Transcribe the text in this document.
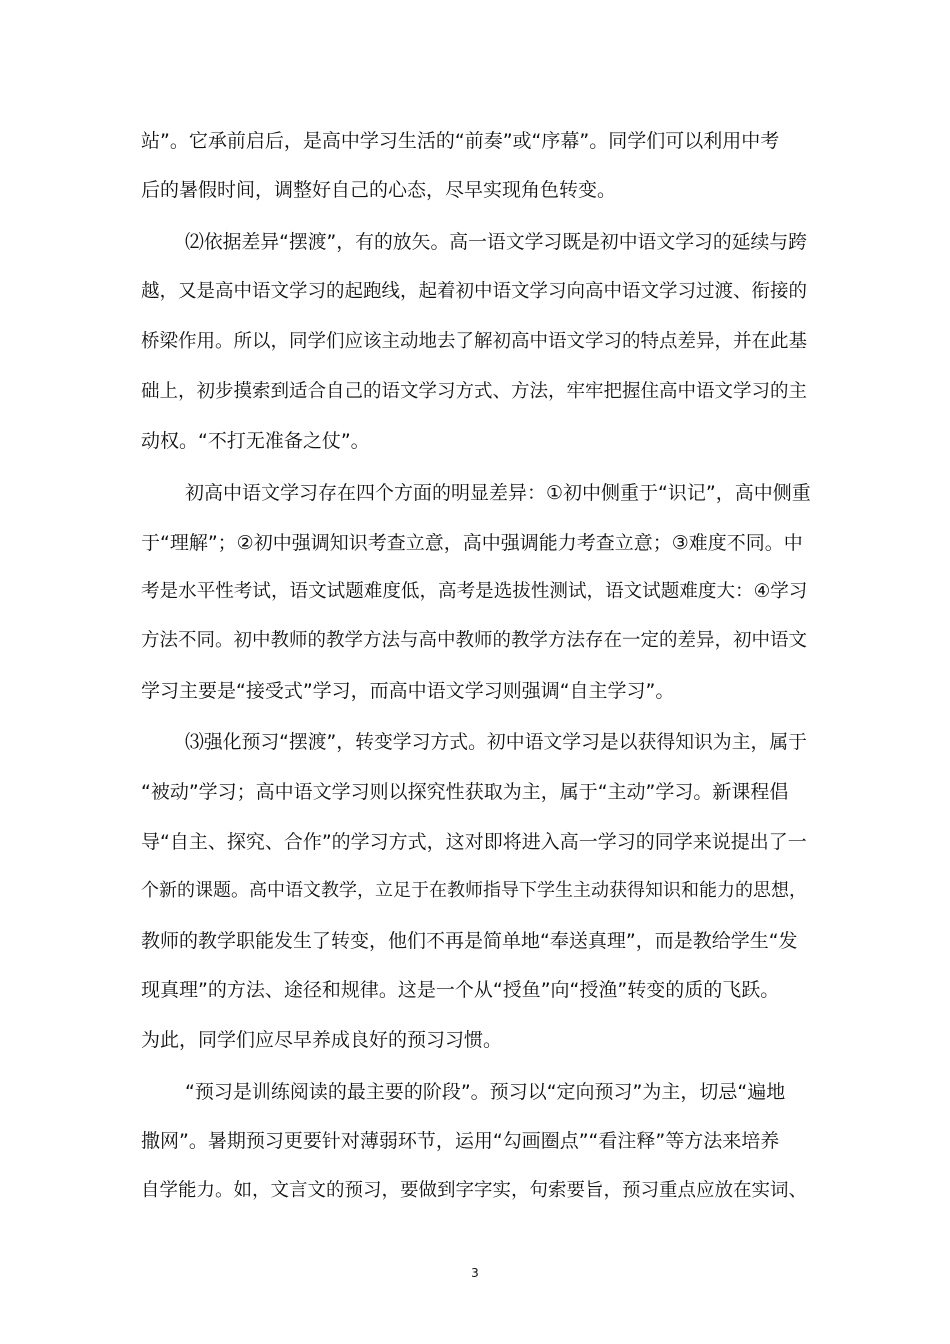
站”。它承前启后，是高中学习生活的“前奏”或“序幕”。同学们可以利用中考
后的暑假时间，调整好自己的心态，尽早实现角色转变。
⑵依据差异“摆渡”，有的放矢。高一语文学习既是初中语文学习的延续与跨
越，又是高中语文学习的起跑线，起着初中语文学习向高中语文学习过渡、衔接的
桥梁作用。所以，同学们应该主动地去了解初高中语文学习的特点差异，并在此基
础上，初步摸索到适合自己的语文学习方式、方法，牢牢把握住高中语文学习的主
动权。“不打无准备之仗”。
初高中语文学习存在四个方面的明显差异：①初中侧重于“识记”，高中侧重
于“理解”；②初中强调知识考查立意，高中强调能力考查立意；③难度不同。中
考是水平性考试，语文试题难度低，高考是选拔性测试，语文试题难度大：④学习
方法不同。初中教师的教学方法与高中教师的教学方法存在一定的差异，初中语文
学习主要是“接受式”学习，而高中语文学习则强调“自主学习”。
⑶强化预习“摆渡”，转变学习方式。初中语文学习是以获得知识为主，属于
“被动”学习；高中语文学习则以探究性获取为主，属于“主动”学习。新课程倡
导“自主、探究、合作”的学习方式，这对即将进入高一学习的同学来说提出了一
个新的课题。高中语文教学，立足于在教师指导下学生主动获得知识和能力的思想，
教师的教学职能发生了转变，他们不再是简单地“奉送真理”，而是教给学生“发
现真理”的方法、途径和规律。这是一个从“授鱼”向“授渔”转变的质的飞跃。
为此，同学们应尽早养成良好的预习习惯。
“预习是训练阅读的最主要的阶段”。预习以“定向预习”为主，切忌“遍地
撒网”。暑期预习更要针对薄弱环节，运用“勾画圈点”“看注释”等方法来培养
自学能力。如，文言文的预习，要做到字字实，句索要旨，预习重点应放在实词、
3
